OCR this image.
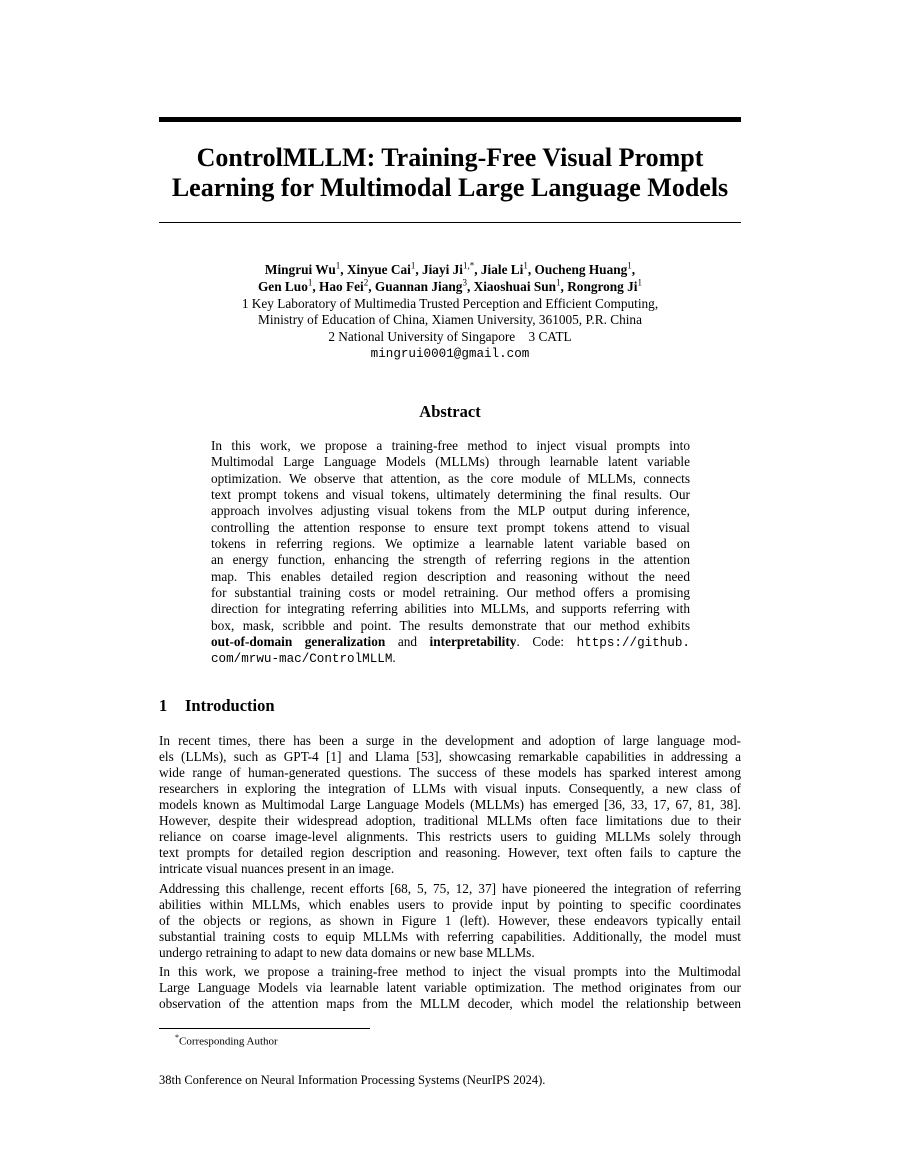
ControlMLLM: Training-Free Visual Prompt
Learning for Multimodal Large Language Models
Mingrui Wu$^1$, Xinyue Cai$^1$, Jiayi $Ji^{1,*}$, Jiale Li$^1$, Oucheng Huang$^1$,
Gen Luo$^1$, Hao Fei$^2$, Guannan Jiang$^3$, Xiaoshuai Sun$^1$, Rongrong Ji$^1$
1 Key Laboratory of Multimedia Trusted Perception and Efficient Computing,
Ministry of Education of China, Xiamen University, 361005, P.R. China
2 National University of Singapore 3 CATL
mingrui0001@gmail.com
Abstract
In this work, we propose a training-free method to inject visual prompts into
Multimodal Large Language Models (MLLMs) through learnable latent variable
optimization. We observe that attention, as the core module of MLLMs, connects
text prompt tokens and visual tokens, ultimately determining the final results. Our
approach involves adjusting visual tokens from the MLP output during inference,
controlling the attention response to ensure text prompt tokens attend to visual
tokens in referring regions. We optimize a learnable latent variable based on
an energy function, enhancing the strength of referring regions in the attention
map. This enables detailed region description and reasoning without the need
for substantial training costs or model retraining. Our method offers a promising
direction for integrating referring abilities into MLLMs, and supports referring with
box, mask, scribble and point. The results demonstrate that our method exhibits
out-of-domain generalization and interpretability. Code: https://github.
com/mrwu-mac/ControlMLLM.
1 Introduction
In recent times, there has been a surge in the development and adoption of large language mod-
els (LLMs), such as GPT-4 [1] and Llama [53], showcasing remarkable capabilities in addressing a
wide range of human-generated questions. The success of these models has sparked interest among
researchers in exploring the integration of LLMs with visual inputs. Consequently, a new class of
models known as Multimodal Large Language Models (MLLMs) has emerged [36, 33, 17, 67, 81, 38].
However, despite their widespread adoption, traditional MLLMs often face limitations due to their
reliance on coarse image-level alignments. This restricts users to guiding MLLMs solely through
text prompts for detailed region description and reasoning. However, text often fails to capture the
intricate visual nuances present in an image.
Addressing this challenge, recent efforts [68, 5, 75, 12, 37] have pioneered the integration of referring
abilities within MLLMs, which enables users to provide input by pointing to specific coordinates
of the objects or regions, as shown in Figure 1 (left). However, these endeavors typically entail
substantial training costs to equip MLLMs with referring capabilities. Additionally, the model must
undergo retraining to adapt to new data domains or new base MLLMs.
In this work, we propose a training-free method to inject the visual prompts into the Multimodal
Large Language Models via learnable latent variable optimization. The method originates from our
observation of the attention maps from the MLLM decoder, which model the relationship between
*Corresponding Author
38th Conference on Neural Information Processing Systems (NeurIPS 2024).
